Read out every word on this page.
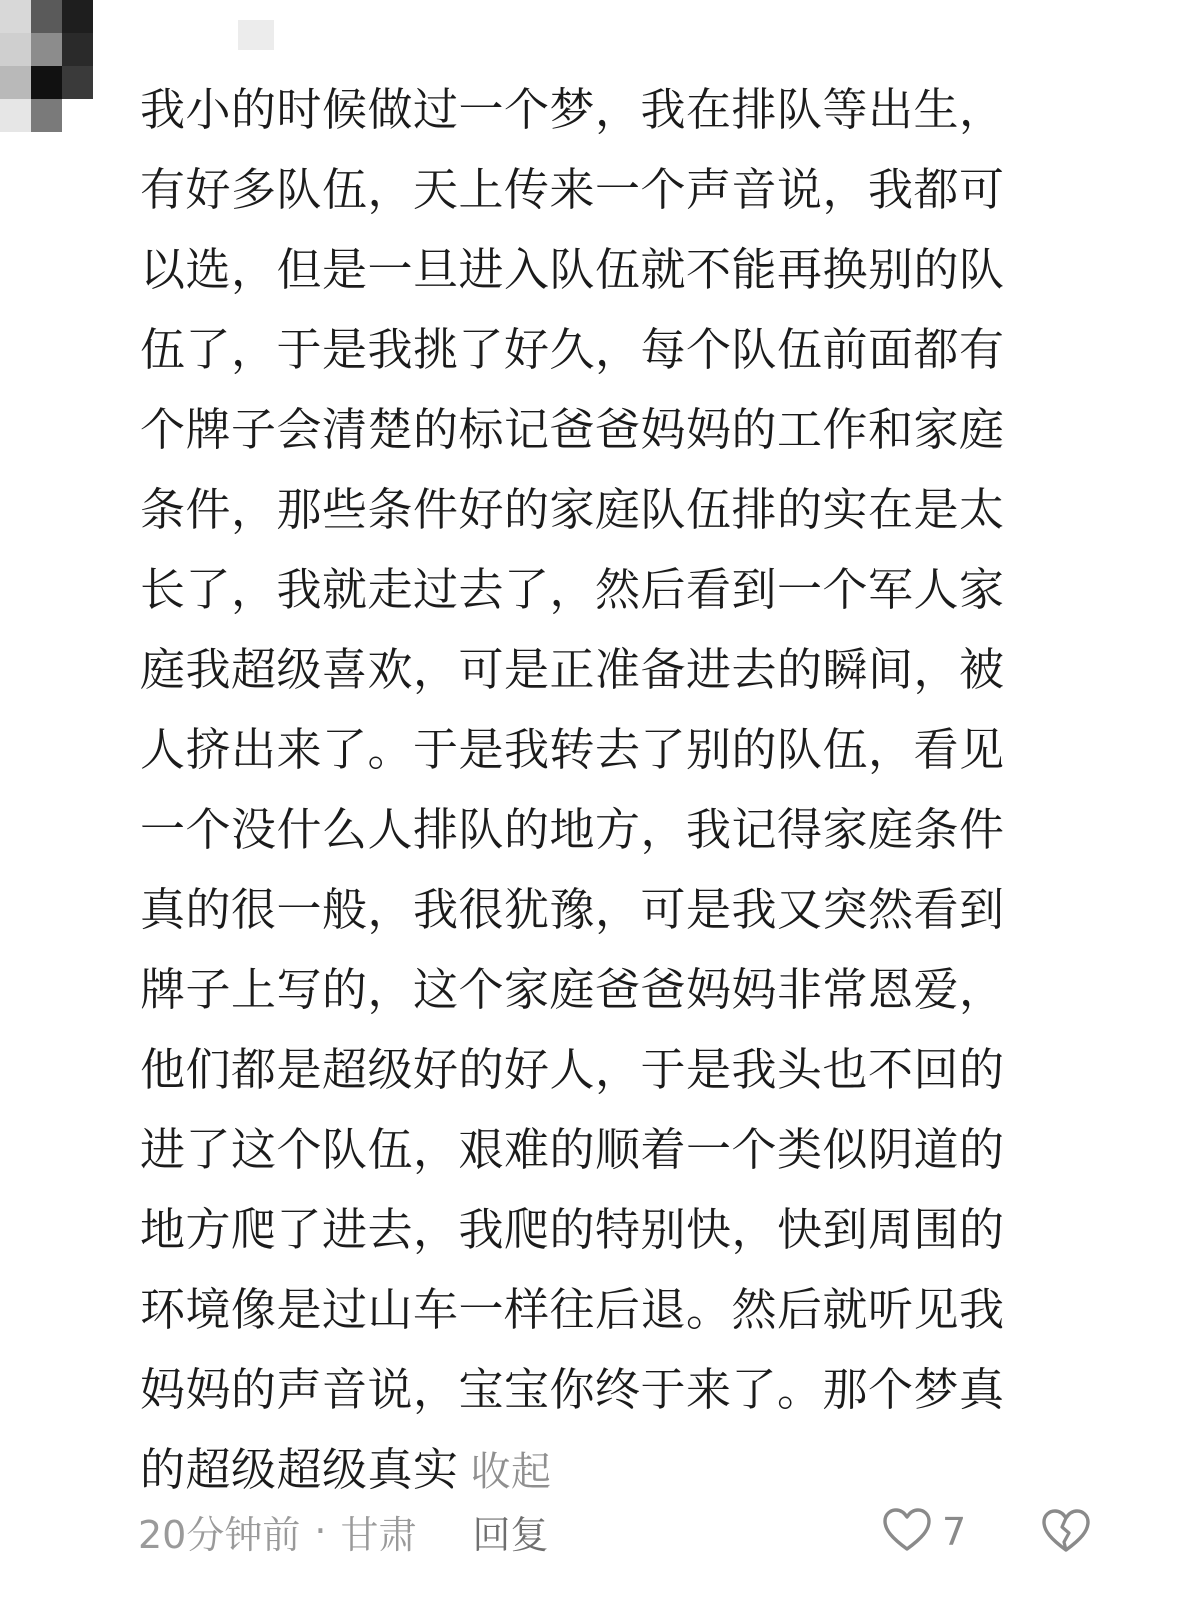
我小的时候做过一个梦，我在排队等出生，
有好多队伍，天上传来一个声音说，我都可
以选，但是一旦进入队伍就不能再换别的队
伍了，于是我挑了好久，每个队伍前面都有
个牌子会清楚的标记爸爸妈妈的工作和家庭
条件，那些条件好的家庭队伍排的实在是太
长了，我就走过去了，然后看到一个军人家
庭我超级喜欢，可是正准备进去的瞬间，被
人挤出来了。于是我转去了别的队伍，看见
一个没什么人排队的地方，我记得家庭条件
真的很一般，我很犹豫，可是我又突然看到
牌子上写的，这个家庭爸爸妈妈非常恩爱，
他们都是超级好的好人，于是我头也不回的
进了这个队伍，艰难的顺着一个类似阴道的
地方爬了进去，我爬的特别快，快到周围的
环境像是过山车一样往后退。然后就听见我
妈妈的声音说，宝宝你终于来了。那个梦真
的超级超级真实 收起
20分钟前 · 甘肃 回复	7
